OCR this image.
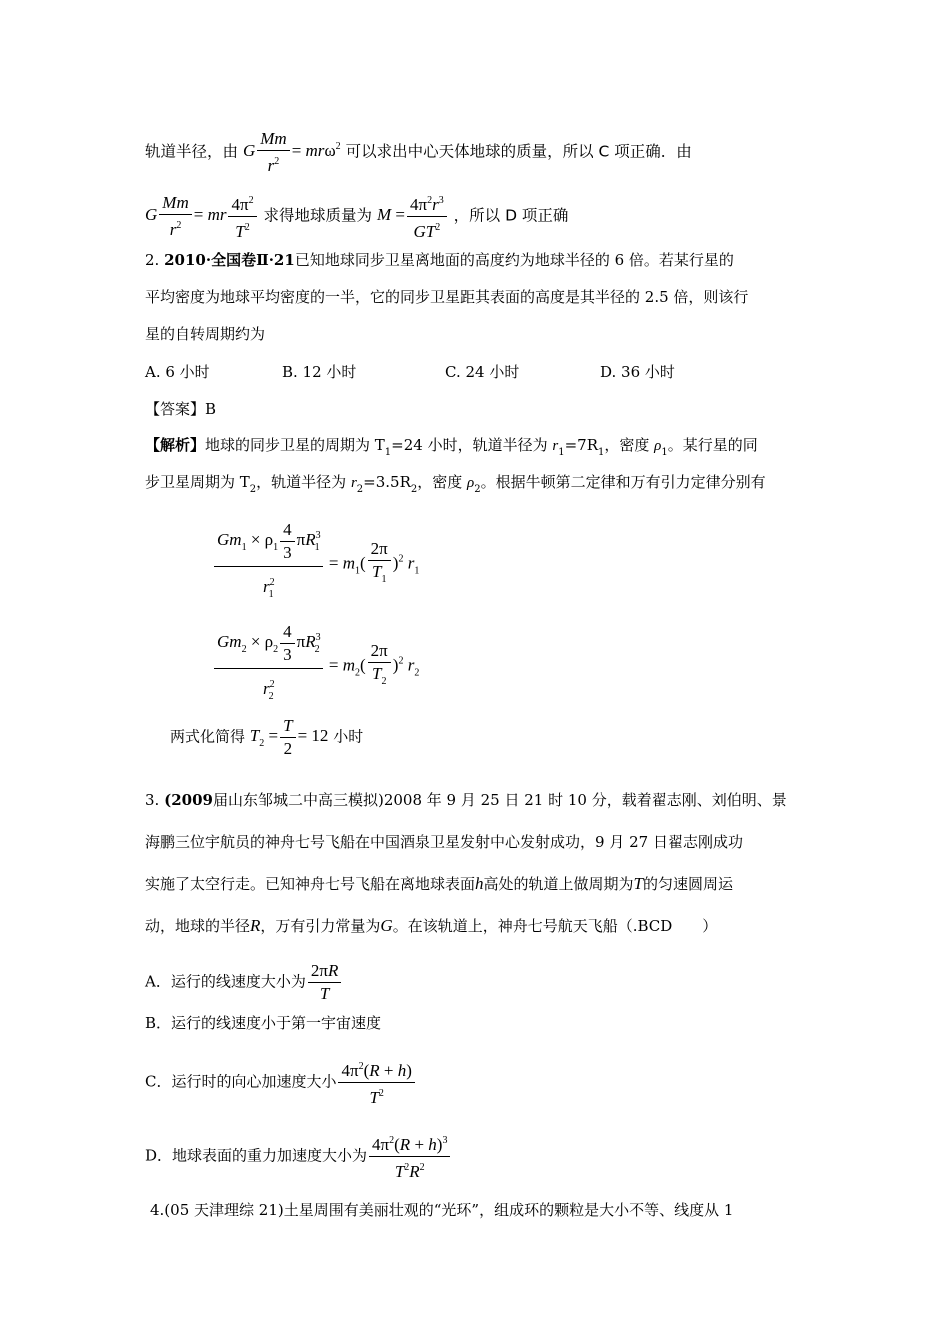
轨道半径，由 G $\frac{Mm}{r^2} = mr\omega^2$ 可以求出中心天体地球的质量，所以 C 项正确．由
G $\frac{Mm}{r^2}$ = mr $\frac{4\pi^2}{T^2}$ 求得地球质量为 $M = \frac{4\pi^2r^3}{GT^2}$ ，所以 D 项正确
2. 2010·全国卷Ⅱ·21已知地球同步卫星离地面的高度约为地球半径的 6 倍。若某行星的
平均密度为地球平均密度的一半，它的同步卫星距其表面的高度是其半径的 2.5 倍，则该行
星的自转周期约为
A. 6 小时	B. 12 小时	C. 24 小时	D. 36 小时
【答案】B
【解析】地球的同步卫星的周期为 $T_1=24$ 小时，轨道半径为 $r_1=7R_1$，密度 $\rho_1$。某行星的同
步卫星周期为 $T_2$，轨道半径为 $r_2=3.5R_2$，密度 $\rho_2$。根据牛顿第二定律和万有引力定律分别有
$\frac{Gm_1 \times \rho_1 \frac{4}{3} \pi R^3_1}{r^2_1} = m_1( \frac{2\pi}{T_1} )^2$ $r_1$
$\frac{Gm_2 \times \rho_2 \frac{4}{3} \pi R^3_2}{r^2_2} = m_2( \frac{2\pi}{T_2} )^2$ $r_2$
两式化简得 $T_2 = \frac{T}{2} = 12$ 小时
3. (2009届山东邹城二中高三模拟)2008 年 9 月 25 日 21 时 10 分，载着翟志刚、刘伯明、景
海鹏三位宇航员的神舟七号飞船在中国酒泉卫星发射中心发射成功，9 月 27 日翟志刚成功
实施了太空行走。已知神舟七号飞船在离地球表面h高处的轨道上做周期为T的匀速圆周运
动，地球的半径R，万有引力常量为G。在该轨道上，神舟七号航天飞船（.BCD　　）
A．运行的线速度大小为 $\frac{2\pi R}{T}$
B．运行的线速度小于第一宇宙速度
C．运行时的向心加速度大小 $\frac{4\pi^2(R + h)}{T^2}$
D．地球表面的重力加速度大小为 $\frac{4\pi^2(R + h)^3}{T^2R^2}$
4.(05 天津理综 21)土星周围有美丽壮观的“光环”，组成环的颗粒是大小不等、线度从 1
